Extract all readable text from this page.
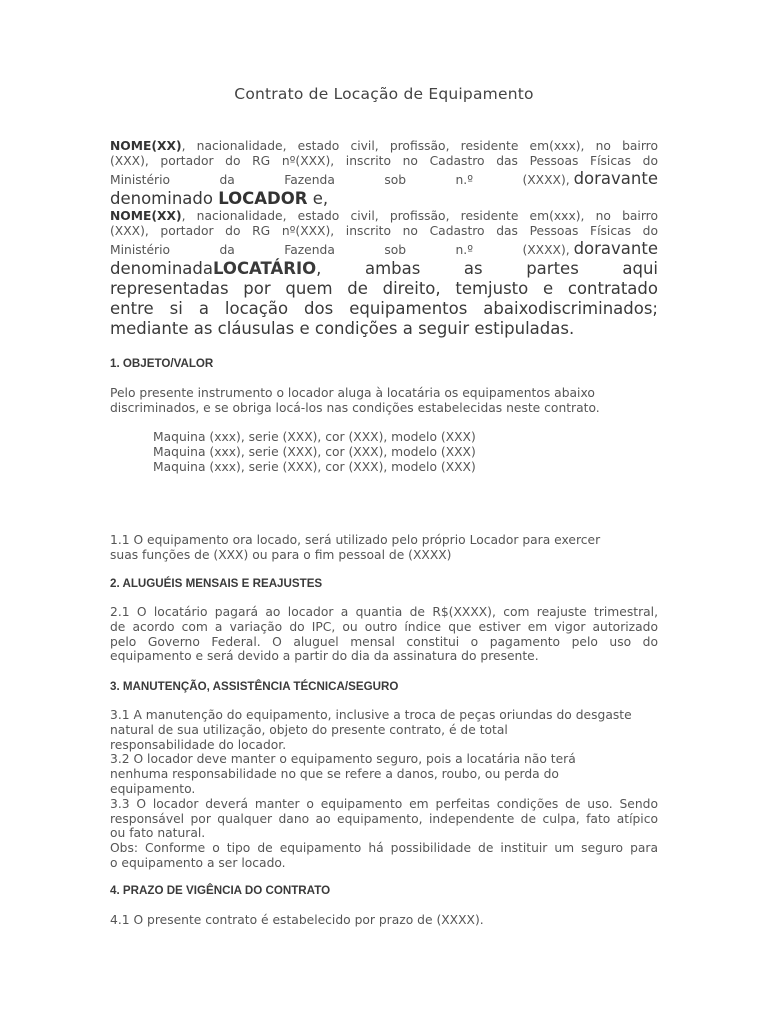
Contrato de Locação de Equipamento
NOME(XX), nacionalidade, estado civil, profissão, residente em(xxx), no bairro
(XXX), portador do RG nº(XXX), inscrito no Cadastro das Pessoas Físicas do
Ministério	da	Fazenda	sob	n.º	(XXXX), doravante
denominado LOCADOR e,
NOME(XX), nacionalidade, estado civil, profissão, residente em(xxx), no bairro
(XXX), portador do RG nº(XXX), inscrito no Cadastro das Pessoas Físicas do
Ministério	da	Fazenda	sob	n.º	(XXXX), doravante
denominadaLOCATÁRIO,   ambas   as   partes   aqui
representadas por quem de direito, temjusto e contratado
entre si a locação dos equipamentos abaixodiscriminados;
mediante as cláusulas e condições a seguir estipuladas.
1. OBJETO/VALOR
Pelo presente instrumento o locador aluga à locatária os equipamentos abaixo
discriminados, e se obriga locá-los nas condições estabelecidas neste contrato.
Maquina (xxx), serie (XXX), cor (XXX), modelo (XXX)
Maquina (xxx), serie (XXX), cor (XXX), modelo (XXX)
Maquina (xxx), serie (XXX), cor (XXX), modelo (XXX)
1.1 O equipamento ora locado, será utilizado pelo próprio Locador para exercer
suas funções de (XXX) ou para o fim pessoal de (XXXX)
2. ALUGUÉIS MENSAIS E REAJUSTES
2.1 O locatário pagará ao locador a quantia de R$(XXXX), com reajuste trimestral,
de acordo com a variação do IPC, ou outro índice que estiver em vigor autorizado
pelo Governo Federal. O aluguel mensal constitui o pagamento pelo uso do
equipamento e será devido a partir do dia da assinatura do presente.
3. MANUTENÇÃO, ASSISTÊNCIA TÉCNICA/SEGURO
3.1 A manutenção do equipamento, inclusive a troca de peças oriundas do desgaste
natural de sua utilização, objeto do presente contrato, é de total
responsabilidade do locador.
3.2 O locador deve manter o equipamento seguro, pois a locatária não terá
nenhuma responsabilidade no que se refere a danos, roubo, ou perda do
equipamento.
3.3 O locador deverá manter o equipamento em perfeitas condições de uso. Sendo
responsável por qualquer dano ao equipamento, independente de culpa, fato atípico
ou fato natural.
Obs: Conforme o tipo de equipamento há possibilidade de instituir um seguro para
o equipamento a ser locado.
4. PRAZO DE VIGÊNCIA DO CONTRATO
4.1 O presente contrato é estabelecido por prazo de (XXXX).
